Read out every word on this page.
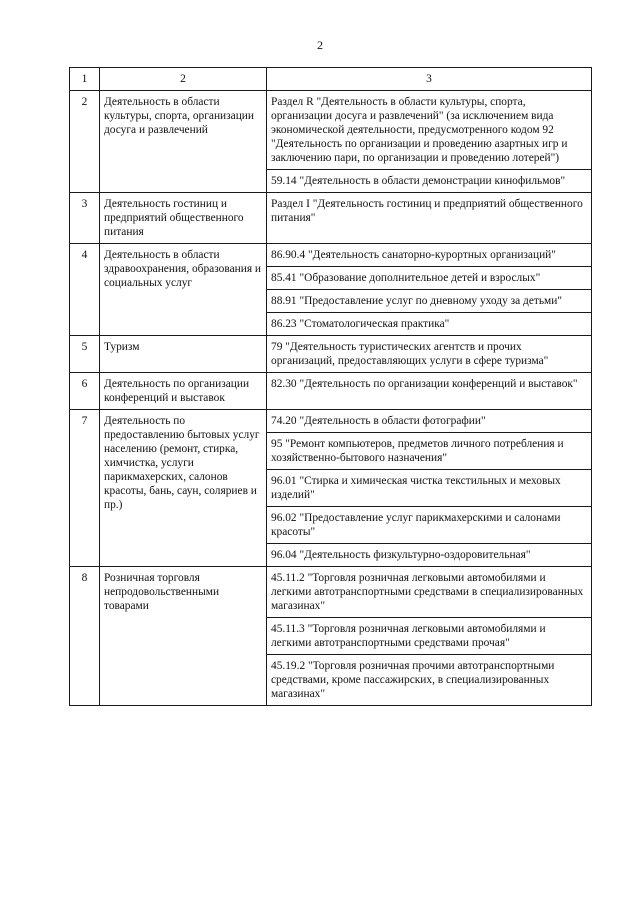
2
1	2	3
2	Деятельность в области культуры, спорта, организации досуга и развлечений	Раздел R "Деятельность в области культуры, спорта, организации досуга и развлечений" (за исключением вида экономической деятельности, предусмотренного кодом 92 "Деятельность по организации и проведению азартных игр и заключению пари, по организации и проведению лотерей")
		59.14 "Деятельность в области демонстрации кинофильмов"
3	Деятельность гостиниц и предприятий общественного питания	Раздел I "Деятельность гостиниц и предприятий общественного питания"
4	Деятельность в области здравоохранения, образования и социальных услуг	86.90.4 "Деятельность санаторно-курортных организаций"
		85.41 "Образование дополнительное детей и взрослых"
		88.91 "Предоставление услуг по дневному уходу за детьми"
		86.23 "Стоматологическая практика"
5	Туризм	79 "Деятельность туристических агентств и прочих организаций, предоставляющих услуги в сфере туризма"
6	Деятельность по организации конференций и выставок	82.30 "Деятельность по организации конференций и выставок"
7	Деятельность по предоставлению бытовых услуг населению (ремонт, стирка, химчистка, услуги парикмахерских, салонов красоты, бань, саун, соляриев и пр.)	74.20 "Деятельность в области фотографии"
		95 "Ремонт компьютеров, предметов личного потребления и хозяйственно-бытового назначения"
		96.01 "Стирка и химическая чистка текстильных и меховых изделий"
		96.02 "Предоставление услуг парикмахерскими и салонами красоты"
		96.04 "Деятельность физкультурно-оздоровительная"
8	Розничная торговля непродовольственными товарами	45.11.2 "Торговля розничная легковыми автомобилями и легкими автотранспортными средствами в специализированных магазинах"
		45.11.3 "Торговля розничная легковыми автомобилями и легкими автотранспортными средствами прочая"
		45.19.2 "Торговля розничная прочими автотранспортными средствами, кроме пассажирских, в специализированных магазинах"
